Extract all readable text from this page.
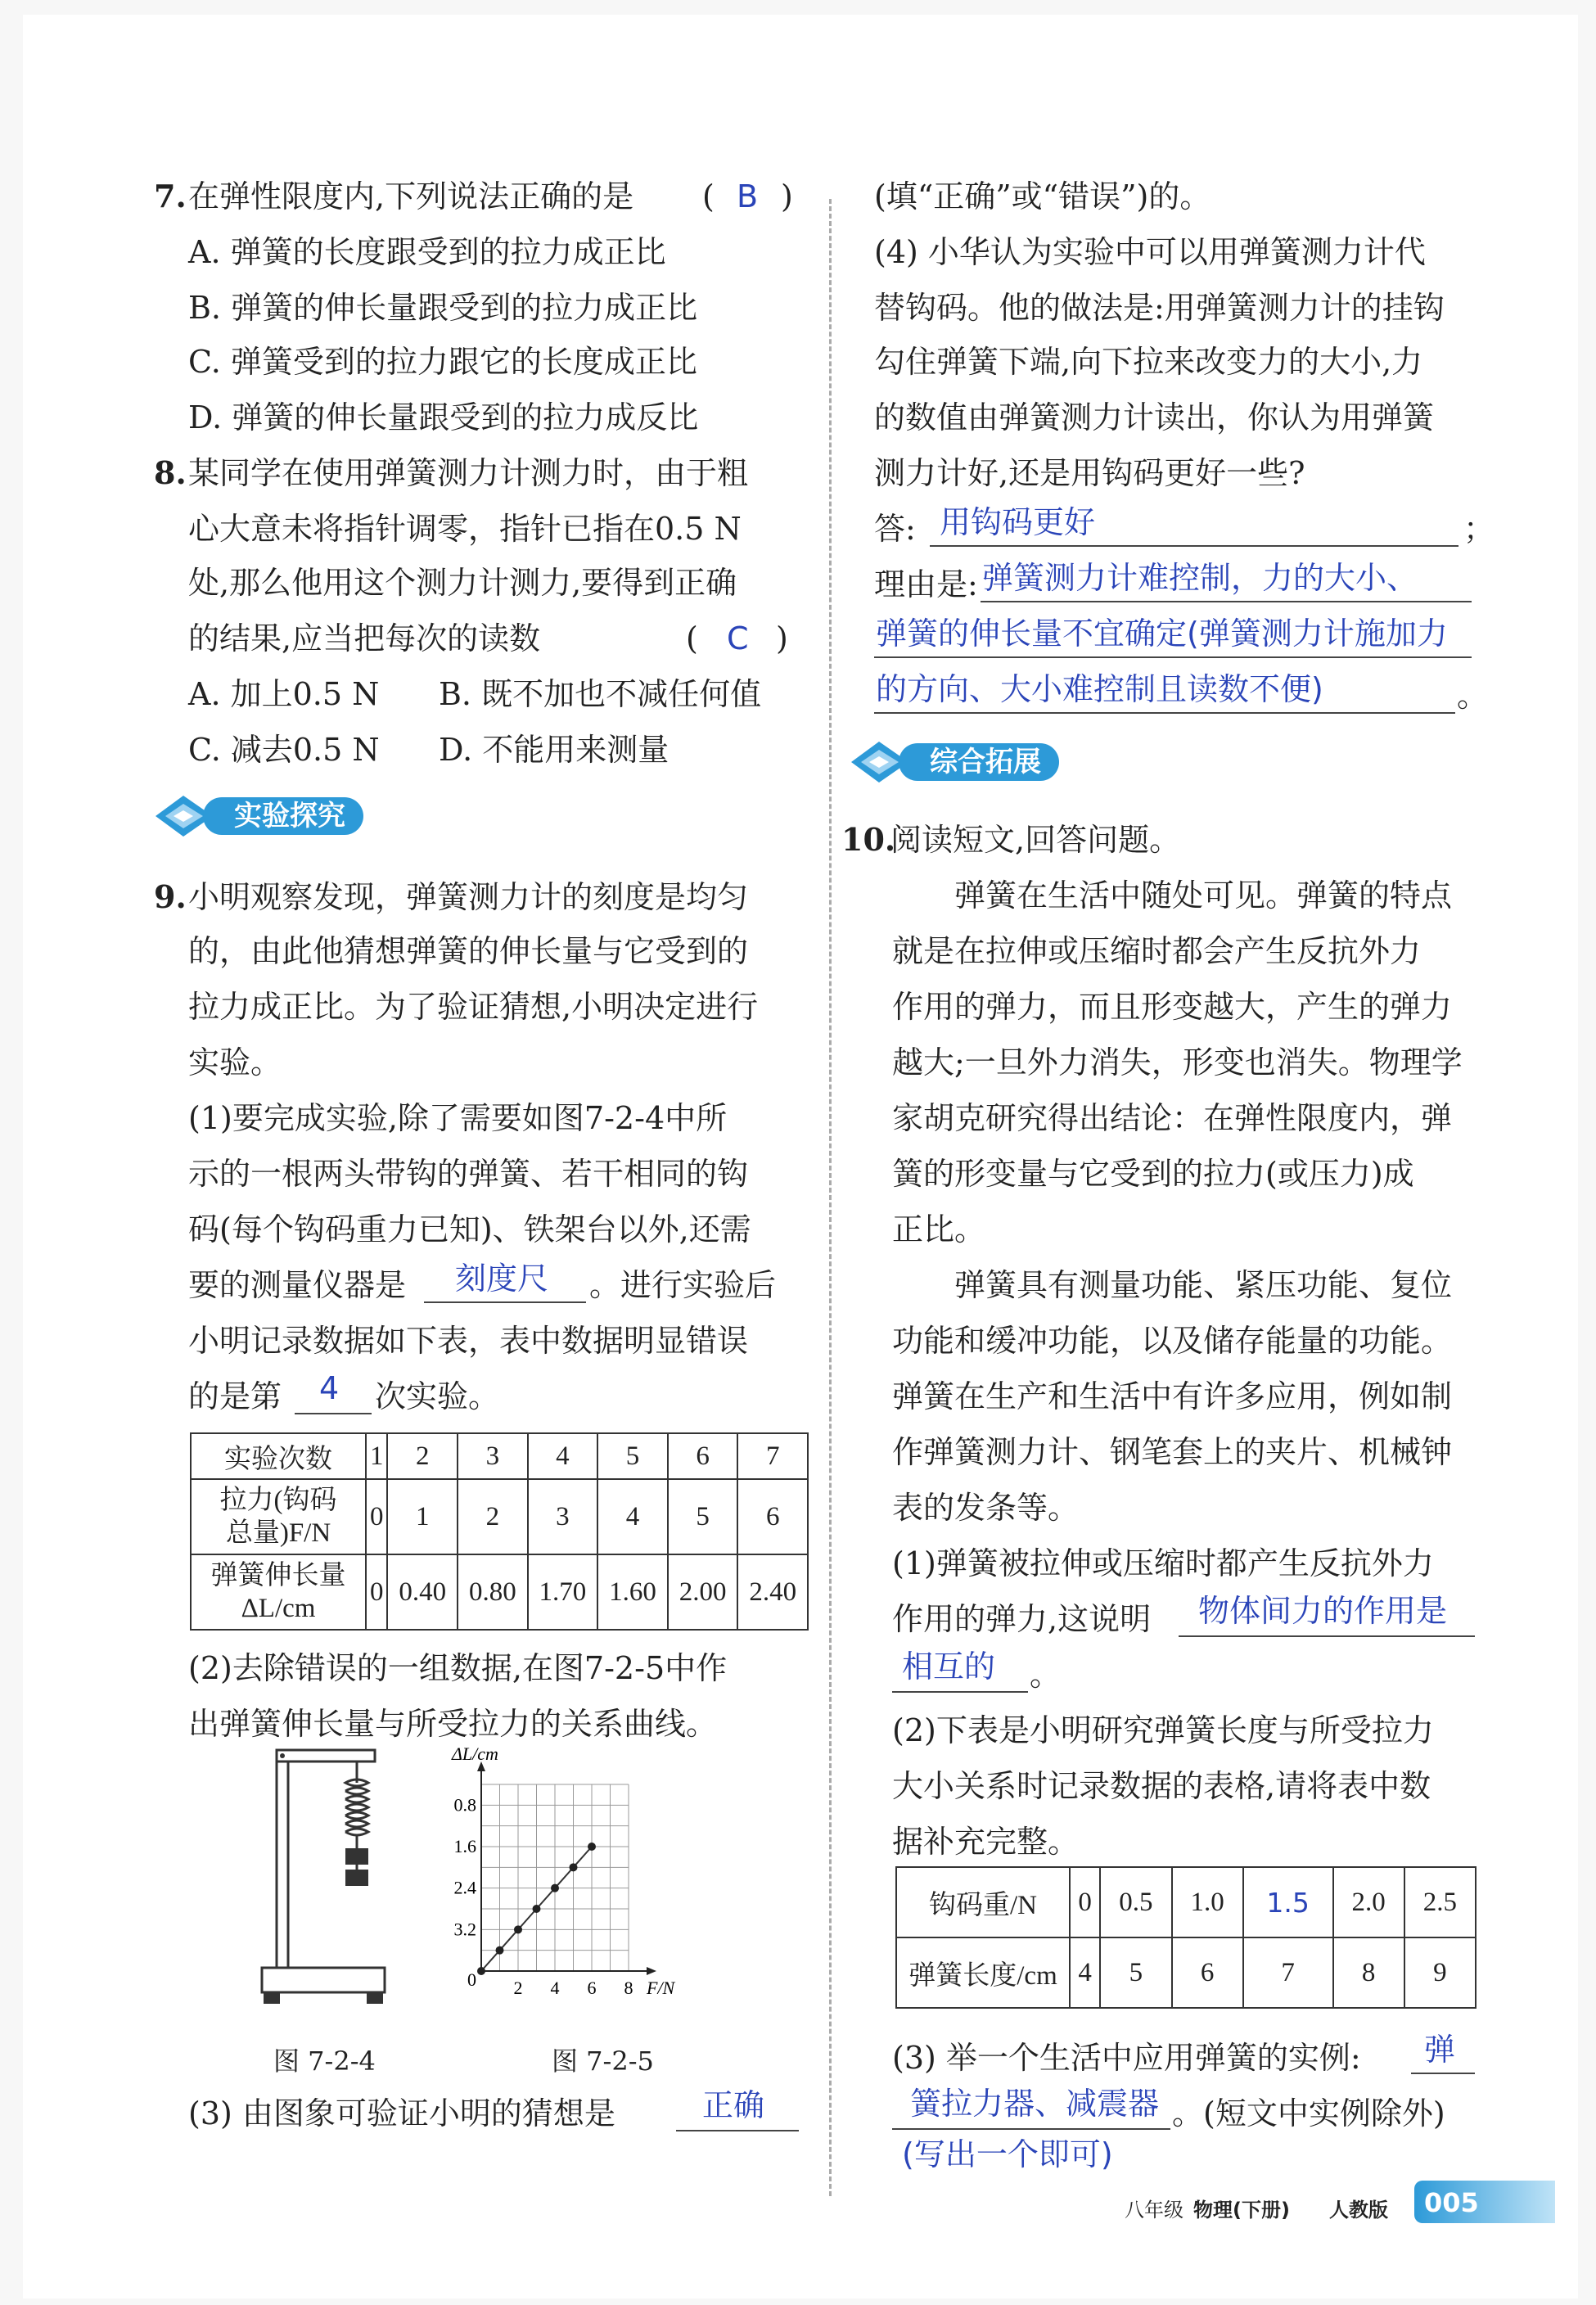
7. 在弹性限度内,下列说法正确的是 ( B )
A. 弹簧的长度跟受到的拉力成正比
B. 弹簧的伸长量跟受到的拉力成正比
C. 弹簧受到的拉力跟它的长度成正比
D. 弹簧的伸长量跟受到的拉力成反比
8. 某同学在使用弹簧测力计测力时，由于粗
心大意未将指针调零，指针已指在0.5 N
处,那么他用这个测力计测力,要得到正确
的结果,应当把每次的读数	( C )
A. 加上0.5 N B. 既不加也不减任何值
C. 减去0.5 N D. 不能用来测量
实验探究
9. 小明观察发现，弹簧测力计的刻度是均匀
的，由此他猜想弹簧的伸长量与它受到的
拉力成正比。为了验证猜想,小明决定进行
实验。
(1)要完成实验,除了需要如图7-2-4中所
示的一根两头带钩的弹簧、若干相同的钩
码(每个钩码重力已知)、铁架台以外,还需
要的测量仪器是 刻度尺 。进行实验后
小明记录数据如下表，表中数据明显错误
的是第 4 次实验。
实验次数	1	2	3	4	5	6	7

拉力(钩码
总量)F/N	0	1	2	3	4	5	6

弹簧伸长量
ΔL/cm	0	0.40	0.80	1.70	1.60	2.00	2.40
(2)去除错误的一组数据,在图7-2-5中作
出弹簧伸长量与所受拉力的关系曲线。
图 7-2-4
ΔL/cm
F/N
3.2
2.4
1.6
0.8
0 2 4 6 8
图 7-2-5
(3) 由图象可验证小明的猜想是	正确
(填“正确”或“错误”)的。
(4) 小华认为实验中可以用弹簧测力计代
替钩码。他的做法是:用弹簧测力计的挂钩
勾住弹簧下端,向下拉来改变力的大小,力
的数值由弹簧测力计读出，你认为用弹簧
测力计好,还是用钩码更好一些?
答: 用钩码更好	；
理由是: 弹簧测力计难控制，力的大小、
弹簧的伸长量不宜确定(弹簧测力计施加力
的方向、大小难控制且读数不便)	。
综合拓展
10.
阅读短文,回答问题。
弹簧在生活中随处可见。弹簧的特点
就是在拉伸或压缩时都会产生反抗外力
作用的弹力，而且形变越大，产生的弹力
越大;一旦外力消失，形变也消失。物理学
家胡克研究得出结论：在弹性限度内，弹
簧的形变量与它受到的拉力(或压力)成
正比。
弹簧具有测量功能、紧压功能、复位
功能和缓冲功能，以及储存能量的功能。
弹簧在生产和生活中有许多应用，例如制
作弹簧测力计、钢笔套上的夹片、机械钟
表的发条等。
(1)弹簧被拉伸或压缩时都产生反抗外力
作用的弹力,这说明 物体间力的作用是
相互的 。
(2)下表是小明研究弹簧长度与所受拉力
大小关系时记录数据的表格,请将表中数
据补充完整。
钩码重/N	0	0.5	1.0	1.5	2.0	2.5
弹簧长度/cm	4	5	6	7	8	9
(3) 举一个生活中应用弹簧的实例: 弹
簧拉力器、减震器 。(短文中实例除外)
(写出一个即可)
八年级 物理(下册) 人教版 005
